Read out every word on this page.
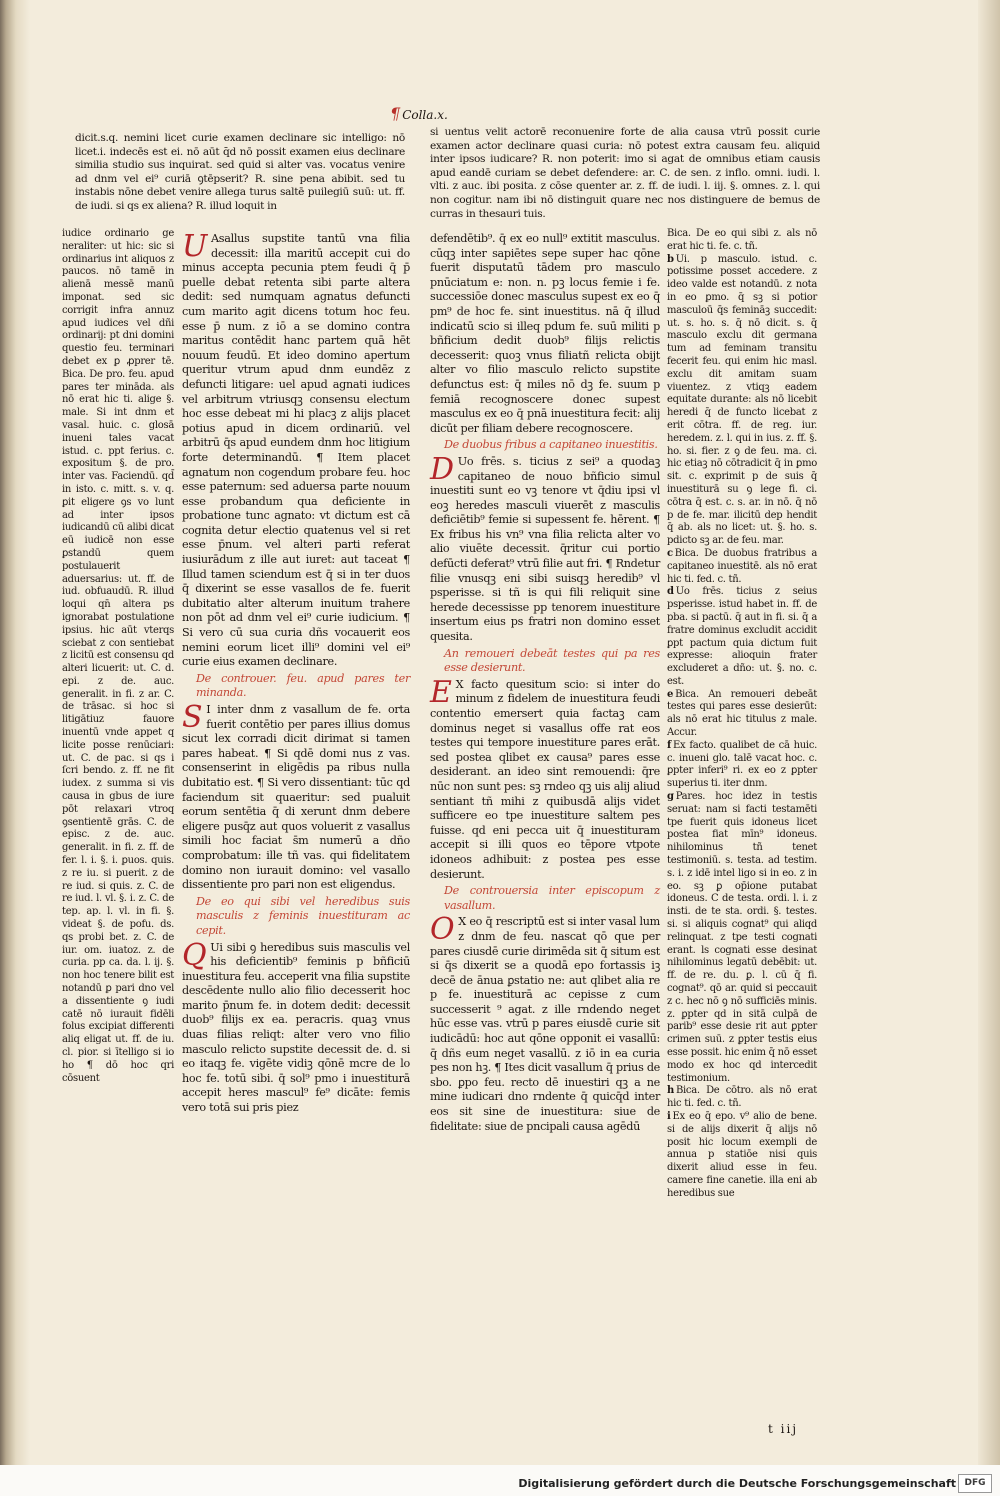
¶ Colla.x.

dicit.s.q. nemini licet curie examen declinare sic intelligo: nō licet.i. indecēs est ei. nō aūt q̄d nō possit examen eius declinare similia studio sus inquirat. sed quid si alter vas. vocatus venire ad dnm vel ei⁹ curiā ꝯtēpserit? R. sine pena abibit. sed tu instabis nōne debet venire allega turus saltē puilegiū suū: ut. ff. de iudi. si qs ex aliena? R. illud loquit in

si uentus velit actorē reconuenire forte de alia causa vtrū possit curie examen actor declinare quasi curia: nō potest extra causam feu. aliquid inter ipsos iudicare? R. non poterit: imo si agat de omnibus etiam causis apud eandē curiam se debet defendere: ar. C. de sen. z inflo. omni. iudi. l. vlti. z auc. ibi posita. z cōse quenter ar. z. ff. de iudi. l. iij. §. omnes. z. l. qui non cogitur. nam ibi nō distinguit quare nec nos distinguere de bemus de curras in thesauri tuis.

iudice ordinario ge neraliter: ut hic: sic si ordinarius int aliquos z paucos. nō tamē in alienā messē manū imponat. sed sic corrigit infra annuz apud iudices vel dñi ordinarij: pt dni domini questio feu. terminari debet ex ꝑ ꝓprer tē. Bica. De pro. feu. apud pares ter mināda. als nō erat hic ti. alige §. male. Si int dnm et vasal. huic. c. glosā inueni tales vacat istud. c. ppt ferius. c. expositum §. de pro. inter vas. Faciendū. qd̄ in isto. c. mitt. s. v. q. ꝑit eligere ꝯs vo lunt ad inter ipsos iudicandū cū alibi dicat eū iudicē non esse ꝑstandū quem postulauerit aduersarius: ut. ff. de iud. obfuaudū. R. illud loqui qn̄ altera ps ignorabat postulatione ipsius. hic aūt vterqs sciebat z con sentiebat z licitū est consensu qd alteri licuerit: ut. C. d. epi. z de. auc. generalit. in fi. z ar. C. de trāsac. si hoc si litigātiuz fauore inuentū vnde appet q licite posse renūciari: ut. C. de pac. si qs i ſcri bendo. z. ff. ne fit iudex. z summa si vis causa in gbus de iure pōt relaxari vtroq ꝯsentientē grās. C. de episc. z de. auc. generalit. in fi. z. ff. de fer. l. i. §. i. ꝑuos. quis. z re iu. si puerit. z de re iud. si quis. z. C. de re iud. l. vl. §. i. z. C. de tep. ap. l. vl. in fi. §. videat §. de pofu. ds. qs probi bet. z. C. de iur. om. iuatoz. z. de curia. pp ca. da. l. ij. §. non hoc tenere bilit est notandū ꝑ pari dno vel a dissentiente ꝯ iudi catē nō iurauit fidēli folus excipiat differenti aliq eligat ut. ff. de iu. cl. pior. si ītelligo si io ho ¶ dō hoc qri cōsuent

U Asallus supstite tantū vna filia decessit: illa maritū accepit cui do minus accepta pecunia ptem feudi q̄ p̄ puelle debat retenta sibi parte altera dedit: sed numquam agnatus defuncti cum marito agit dicens totum hoc feu. esse p̄ num. z iō a se domino contra maritus contēdit hanc partem quā hēt nouum feudū. Et ideo domino apertum queritur vtrum apud dnm eundēz z defuncti litigare: uel apud agnati iudices vel arbitrum vtriusqꝫ consensu electum hoc esse debeat mi hi placꝫ z alijs placet potius apud in dicem ordinariū. vel arbitrū q̄s apud eundem dnm hoc litigium forte determinandū. ¶ Item placet agnatum non cogendum probare feu. hoc esse paternum: sed aduersa parte nouum esse probandum qua deficiente in probatione tunc agnato: vt dictum est cā cognita detur electio quatenus vel si ret esse p̄num. vel alteri parti referat iusiurādum z ille aut iuret: aut taceat ¶ Illud tamen sciendum est q̄ si in ter duos q̄ dixerint se esse vasallos de fe. fuerit dubitatio alter alterum inuitum trahere non pōt ad dnm vel ei⁹ curie iudicium. ¶ Si vero cū sua curia dñs vocauerit eos nemini eorum licet illi⁹ domini vel ei⁹ curie eius examen declinare.

De controuer. feu. apud pares ter minanda.

S I inter dnm z vasallum de fe. orta fuerit contētio per pares illius domus sicut lex corradi dicit dirimat si tamen pares habeat. ¶ Si qdē domi nus z vas. consenserint in eligēdis pa ribus nulla dubitatio est. ¶ Si vero dissentiant: tūc qd faciendum sit quaeritur: sed pualuit eorum sentētia q̄ di xerunt dnm debere eligere pusq̄z aut quos voluerit z vasallus simili hoc faciat s̄m numerū a dño comprobatum: ille tñ vas. qui fidelitatem domino non iurauit domino: vel vasallo dissentiente pro pari non est eligendus.

De eo qui sibi vel heredibus suis masculis z feminis inuestituram ac cepit.

Q Ui sibi ꝯ heredibus suis masculis vel his deficientib⁹ feminis p bñficiū inuestitura feu. acceperit vna filia supstite descēdente nullo alio filio decesserit hoc marito p̄num fe. in dotem dedit: decessit duob⁹ filijs ex ea. peracris. quaꝫ vnus duas filias reliqt: alter vero vno filio masculo relicto supstite decessit de. d. si eo itaqꝫ fe. vigēte vidiꝫ qōnē mcre de lo hoc fe. totū sibi. q̄ sol⁹ pmo i inuestiturā accepit heres mascul⁹ fe⁹ dicāte: femis vero totā sui pris piez

defendētib⁹. q̄ ex eo null⁹ extitit masculus. cūqꝫ inter sapiētes sepe super hac qōne fuerit disputatū tādem pro masculo pnūciatum e: non. n. pꝫ locus femie i fe. successiōe donec masculus supest ex eo q̄ pm⁹ de hoc fe. sint inuestitus. nā q̄ illud indicatū scio si illeq pdum fe. suū militi p bñficium dedit duob⁹ filijs relictis decesserit: quoꝫ vnus filiatñ relicta obijt alter vo filio masculo relicto supstite defunctus est: q̄ miles nō dꝫ fe. suum p femiā recognoscere donec supest masculus ex eo q̄ pnā inuestitura fecit: alij dicūt per filiam debere recognoscere.

De duobus fribus a capitaneo inuestitis.

D Uo frēs. s. ticius z sei⁹ a quodaꝫ capitaneo de nouo bñficio simul inuestiti sunt eo vꝫ tenore vt q̄diu ipsi vl eoꝫ heredes masculi viuerēt z masculis deficiētib⁹ femie si supessent fe. hērent. ¶ Ex fribus his vn⁹ vna filia relicta alter vo alio viuēte decessit. q̄ritur cui portio defūcti deferat⁹ vtrū filie aut fri. ¶ Rndetur filie vnusqꝫ eni sibi suisqꝫ heredib⁹ vl psperisse. si tñ is qui fili reliquit sine herede decessisse pp tenorem inuestiture insertum eius ps fratri non domino esset quesita.

An remoueri debeāt testes qui pa res esse desierunt.

E X facto quesitum scio: si inter do minum z fidelem de inuestitura feudi contentio emersert quia factaꝫ cam dominus neget si vasallus offe rat eos testes qui tempore inuestiture pares erāt. sed postea qlibet ex causa⁹ pares esse desiderant. an ideo sint remouendi: q̄re nūc non sunt pes: sꝫ rndeo qꝫ uis alij aliud sentiant tñ mihi z quibusdā alijs videt sufficere eo tpe inuestiture saltem pes fuisse. qd eni pecca uit q̄ inuestituram accepit si illi quos eo tēpore vtpote idoneos adhibuit: z postea pes esse desierunt.

De controuersia inter episcopum z vasallum.

O X eo q̄ rescriptū est si inter vasal lum z dnm de feu. nascat qō que per pares ciusdē curie dirimēda sit q̄ situm est si q̄s dixerit se a quodā epo fortassis iꝫ decē de ānua ꝑstatio ne: aut qlibet alia re p fe. inuestiturā ac cepisse z cum successerit ⁹ agat. z ille rndendo neget hūc esse vas. vtrū p pares eiusdē curie sit iudicādū: hoc aut qōne opponit ei vasallū: q̄ dñs eum neget vasallū. z iō in ea curia pes non hꝫ. ¶ Ites dicit vasallum q̄ prius de sbo. ꝑpo feu. recto dē inuestiri qꝫ a ne mine iudicari dno rndente q̄ quicq̄d inter eos sit sine de inuestitura: siue de fidelitate: siue de pncipali causa agēdū

Bica. De eo qui sibi z. als nō erat hic ti. fe. c. tñ.

b Ui. p masculo. istud. c. potissime posset accedere. z ideo valde est notandū. z nota in eo ꝑmo. q̄ sꝫ si potior masculoū q̄s femināꝫ succedit: ut. s. ho. s. q̄ nō dicit. s. q̄ masculo exclu dit germana tum ad feminam transitu fecerit feu. qui enim hic masl. exclu dit amitam suam viuentez. z vtiqꝫ eadem equitate durante: als nō licebit heredi q̄ de functo licebat z erit cōtra. ff. de reg. iur. heredem. z. l. qui in ius. z. ff. §. ho. si. fier. z ꝯ de feu. ma. ci. hic etiaꝫ nō cōtradicit q̄ in ꝑmo sit. c. exprimit p de suis q̄ inuestiturā su ꝯ lege fi. ci. cōtra q̄ est. c. s. ar. in nō. q̄ nō p de fe. mar. ilicitū dep hendit q̄ ab. als no licet: ut. §. ho. s. pdicto sꝫ ar. de feu. mar.

c Bica. De duobus fratribus a capitaneo inuestitē. als nō erat hic ti. fed. c. tñ.

d Uo frēs. ticius z seius psperisse. istud habet in. ff. de pba. si pactū. q̄ aut in fi. si. q̄ a fratre dominus excludit accidit ꝑpt pactum quia dictum fuit expresse: alioquin frater excluderet a dño: ut. §. no. c. est.

e Bica. An remoueri debeāt testes qui pares esse desierūt: als nō erat hic titulus z male. Accur.

f Ex facto. qualibet de cā huic. c. inueni glo. talē vacat hoc. c. ꝑpter inferi⁹ ri. ex eo z ꝑpter superius ti. iter dnm.

g Pares. hoc idez in testis seruat: nam si facti testamēti tpe fuerit quis idoneus licet postea fiat mīn⁹ idoneus. nihilominus tñ tenet testimoniū. s. testa. ad testim. s. i. z idē intel ligo si in eo. z in eo. sꝫ ꝑ op̄ione putabat idoneus. C de testa. ordi. l. i. z insti. de te sta. ordi. §. testes. si. si aliquis cognat⁹ qui aliqd relinquat. z tpe testi cognati erant. ls cognati esse desinat nihilominus legatū debēbit: ut. ff. de re. du. ꝑ. l. cū q̄ fi. cognat⁹. qō ar. quid si peccauit z c. hec nō ꝯ nō sufficiēs minis. z. ꝑpter qd in sitā culpā de parib⁹ esse desie rit aut ꝑpter crimen suū. z ꝑpter testis eius esse possit. hic enim q̄ nō esset modo ex hoc qd intercedit testimonium.

h Bica. De cōtro. als nō erat hic ti. fed. c. tñ.

i Ex eo q̄ epo. v⁹ alio de bene. si de alijs dixerit q̄ alijs nō posit hic locum exempli de annua p statiōe nisi quis dixerit aliud esse in feu. camere fine canetie. illa eni ab heredibus sue

t iij
Digitalisierung gefördert durch die Deutsche Forschungsgemeinschaft DFG
